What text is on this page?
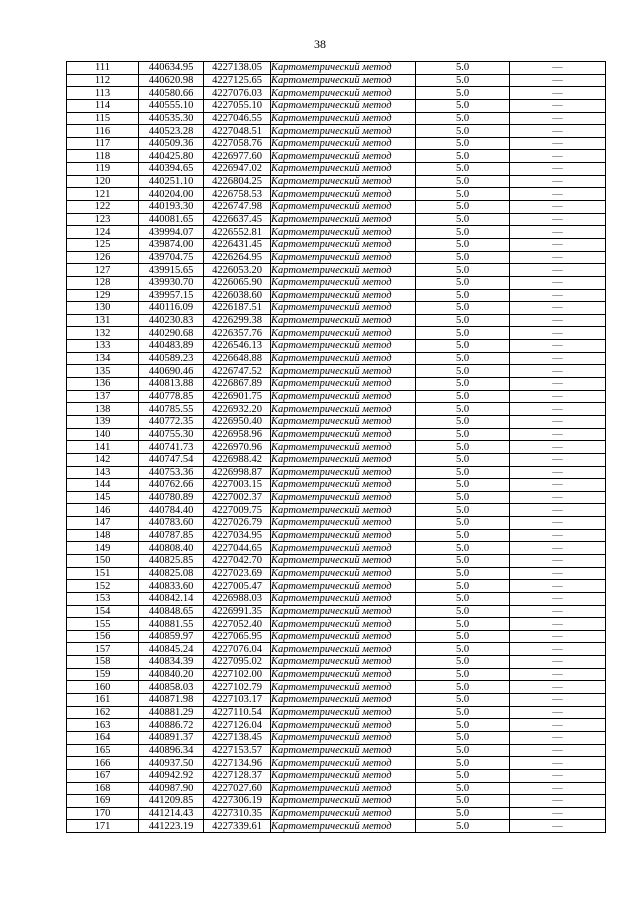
38
111	440634.95	4227138.05	Картометрический метод	5.0	—
112	440620.98	4227125.65	Картометрический метод	5.0	—
113	440580.66	4227076.03	Картометрический метод	5.0	—
114	440555.10	4227055.10	Картометрический метод	5.0	—
115	440535.30	4227046.55	Картометрический метод	5.0	—
116	440523.28	4227048.51	Картометрический метод	5.0	—
117	440509.36	4227058.76	Картометрический метод	5.0	—
118	440425.80	4226977.60	Картометрический метод	5.0	—
119	440394.65	4226947.02	Картометрический метод	5.0	—
120	440251.10	4226804.25	Картометрический метод	5.0	—
121	440204.00	4226758.53	Картометрический метод	5.0	—
122	440193.30	4226747.98	Картометрический метод	5.0	—
123	440081.65	4226637.45	Картометрический метод	5.0	—
124	439994.07	4226552.81	Картометрический метод	5.0	—
125	439874.00	4226431.45	Картометрический метод	5.0	—
126	439704.75	4226264.95	Картометрический метод	5.0	—
127	439915.65	4226053.20	Картометрический метод	5.0	—
128	439930.70	4226065.90	Картометрический метод	5.0	—
129	439957.15	4226038.60	Картометрический метод	5.0	—
130	440116.09	4226187.51	Картометрический метод	5.0	—
131	440230.83	4226299.38	Картометрический метод	5.0	—
132	440290.68	4226357.76	Картометрический метод	5.0	—
133	440483.89	4226546.13	Картометрический метод	5.0	—
134	440589.23	4226648.88	Картометрический метод	5.0	—
135	440690.46	4226747.52	Картометрический метод	5.0	—
136	440813.88	4226867.89	Картометрический метод	5.0	—
137	440778.85	4226901.75	Картометрический метод	5.0	—
138	440785.55	4226932.20	Картометрический метод	5.0	—
139	440772.35	4226950.40	Картометрический метод	5.0	—
140	440755.30	4226958.96	Картометрический метод	5.0	—
141	440741.73	4226970.96	Картометрический метод	5.0	—
142	440747.54	4226988.42	Картометрический метод	5.0	—
143	440753.36	4226998.87	Картометрический метод	5.0	—
144	440762.66	4227003.15	Картометрический метод	5.0	—
145	440780.89	4227002.37	Картометрический метод	5.0	—
146	440784.40	4227009.75	Картометрический метод	5.0	—
147	440783.60	4227026.79	Картометрический метод	5.0	—
148	440787.85	4227034.95	Картометрический метод	5.0	—
149	440808.40	4227044.65	Картометрический метод	5.0	—
150	440825.85	4227042.70	Картометрический метод	5.0	—
151	440825.08	4227023.69	Картометрический метод	5.0	—
152	440833.60	4227005.47	Картометрический метод	5.0	—
153	440842.14	4226988.03	Картометрический метод	5.0	—
154	440848.65	4226991.35	Картометрический метод	5.0	—
155	440881.55	4227052.40	Картометрический метод	5.0	—
156	440859.97	4227065.95	Картометрический метод	5.0	—
157	440845.24	4227076.04	Картометрический метод	5.0	—
158	440834.39	4227095.02	Картометрический метод	5.0	—
159	440840.20	4227102.00	Картометрический метод	5.0	—
160	440858.03	4227102.79	Картометрический метод	5.0	—
161	440871.98	4227103.17	Картометрический метод	5.0	—
162	440881.29	4227110.54	Картометрический метод	5.0	—
163	440886.72	4227126.04	Картометрический метод	5.0	—
164	440891.37	4227138.45	Картометрический метод	5.0	—
165	440896.34	4227153.57	Картометрический метод	5.0	—
166	440937.50	4227134.96	Картометрический метод	5.0	—
167	440942.92	4227128.37	Картометрический метод	5.0	—
168	440987.90	4227027.60	Картометрический метод	5.0	—
169	441209.85	4227306.19	Картометрический метод	5.0	—
170	441214.43	4227310.35	Картометрический метод	5.0	—
171	441223.19	4227339.61	Картометрический метод	5.0	—
